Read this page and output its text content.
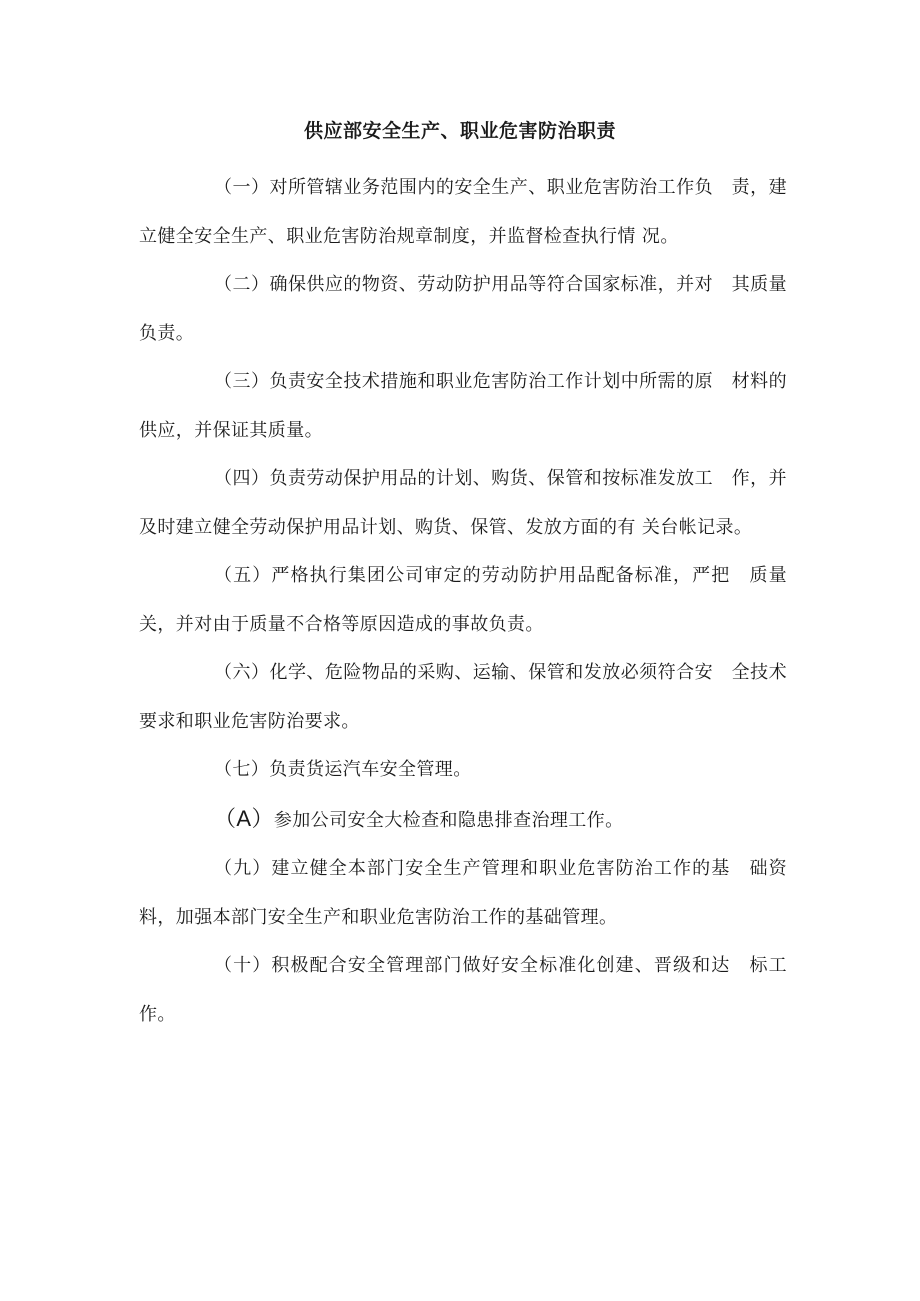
供应部安全生产、职业危害防治职责

（一）对所管辖业务范围内的安全生产、职业危害防治工作负　责，建立健全安全生产、职业危害防治规章制度，并监督检查执行情 况。

（二）确保供应的物资、劳动防护用品等符合国家标准，并对　其质量负责。

（三）负责安全技术措施和职业危害防治工作计划中所需的原　材料的供应，并保证其质量。

（四）负责劳动保护用品的计划、购货、保管和按标准发放工　作，并及时建立健全劳动保护用品计划、购货、保管、发放方面的有 关台帐记录。

（五）严格执行集团公司审定的劳动防护用品配备标准，严把　质量关，并对由于质量不合格等原因造成的事故负责。

（六）化学、危险物品的采购、运输、保管和发放必须符合安　全技术要求和职业危害防治要求。

（七）负责货运汽车安全管理。

（A）参加公司安全大检查和隐患排查治理工作。

（九）建立健全本部门安全生产管理和职业危害防治工作的基　础资料，加强本部门安全生产和职业危害防治工作的基础管理。

（十）积极配合安全管理部门做好安全标准化创建、晋级和达　标工作。
